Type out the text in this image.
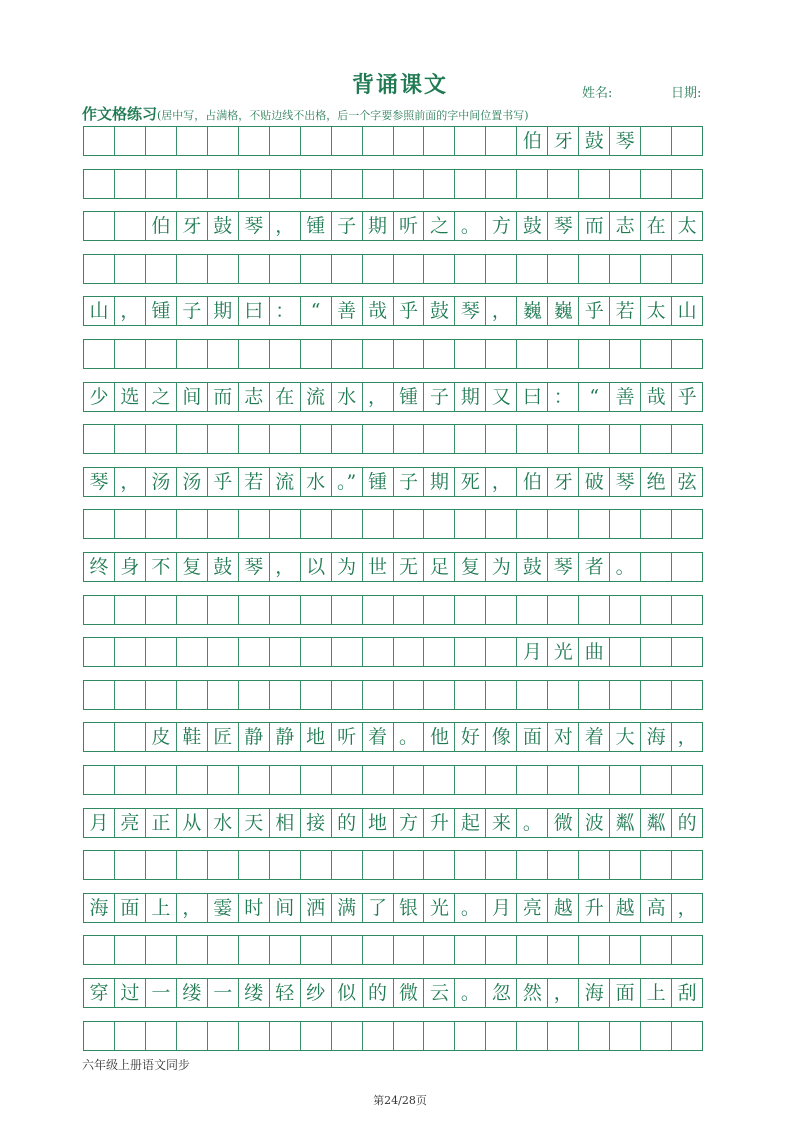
背诵课文	姓名:	日期:
作文格练习(居中写，占满格，不贴边线不出格，后一个字要参照前面的字中间位置书写)
伯 牙 鼓 琴
伯 牙 鼓 琴 ， 锺 子 期 听 之 。 方 鼓 琴 而 志 在 太
山 ， 锺 子 期 曰 ： “ 善 哉 乎 鼓 琴 ， 巍 巍 乎 若 太 山
少 选 之 间 而 志 在 流 水 ， 锺 子 期 又 曰 ： “ 善 哉 乎
琴 ， 汤 汤 乎 若 流 水 。” 锺 子 期 死 ， 伯 牙 破 琴 绝 弦
终 身 不 复 鼓 琴 ， 以 为 世 无 足 复 为 鼓 琴 者 。
月 光 曲
皮 鞋 匠 静 静 地 听 着 。 他 好 像 面 对 着 大 海 ，
月 亮 正 从 水 天 相 接 的 地 方 升 起 来 。 微 波 粼 粼 的
海 面 上 ， 霎 时 间 洒 满 了 银 光 。 月 亮 越 升 越 高 ，
穿 过 一 缕 一 缕 轻 纱 似 的 微 云 。 忽 然 ， 海 面 上 刮
六年级上册语文同步
第24/28页
